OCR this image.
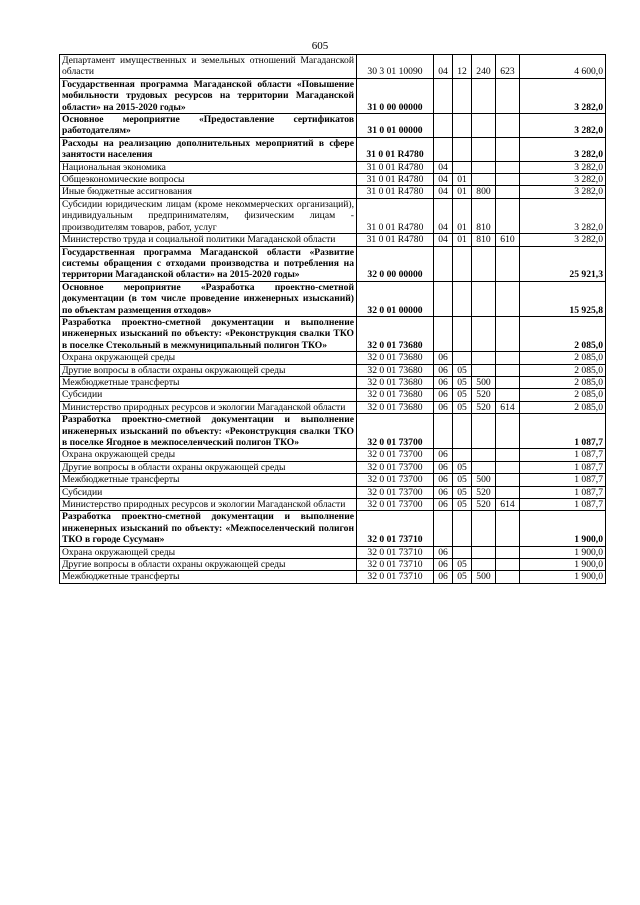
605
Департамент имущественных и земельных отношений Магаданской области	30 3 01 10090	04	12	240	623	4 600,0
Государственная программа Магаданской области «Повышение мобильности трудовых ресурсов на территории Магаданской области» на 2015-2020 годы»	31 0 00 00000					3 282,0
Основное мероприятие «Предоставление сертификатов работодателям»	31 0 01 00000					3 282,0
Расходы на реализацию дополнительных мероприятий в сфере занятости населения	31 0 01 R4780					3 282,0
Национальная экономика	31 0 01 R4780	04				3 282,0
Общеэкономические вопросы	31 0 01 R4780	04	01			3 282,0
Иные бюджетные ассигнования	31 0 01 R4780	04	01	800		3 282,0
Субсидии юридическим лицам (кроме некоммерческих организаций), индивидуальным предпринимателям, физическим лицам - производителям товаров, работ, услуг	31 0 01 R4780	04	01	810		3 282,0
Министерство труда и социальной политики Магаданской области	31 0 01 R4780	04	01	810	610	3 282,0
Государственная программа Магаданской области «Развитие системы обращения с отходами производства и потребления на территории Магаданской области» на 2015-2020 годы»	32 0 00 00000					25 921,3
Основное мероприятие «Разработка проектно-сметной документации (в том числе проведение инженерных изысканий) по объектам размещения отходов»	32 0 01 00000					15 925,8
Разработка проектно-сметной документации и выполнение инженерных изысканий по объекту: «Реконструкция свалки ТКО в поселке Стекольный в межмуниципальный полигон ТКО»	32 0 01 73680					2 085,0
Охрана окружающей среды	32 0 01 73680	06				2 085,0
Другие вопросы в области охраны окружающей среды	32 0 01 73680	06	05			2 085,0
Межбюджетные трансферты	32 0 01 73680	06	05	500		2 085,0
Субсидии	32 0 01 73680	06	05	520		2 085,0
Министерство природных ресурсов и экологии Магаданской области	32 0 01 73680	06	05	520	614	2 085,0
Разработка проектно-сметной документации и выполнение инженерных изысканий по объекту: «Реконструкция свалки ТКО в поселке Ягодное в межпоселенческий полигон ТКО»	32 0 01 73700					1 087,7
Охрана окружающей среды	32 0 01 73700	06				1 087,7
Другие вопросы в области охраны окружающей среды	32 0 01 73700	06	05			1 087,7
Межбюджетные трансферты	32 0 01 73700	06	05	500		1 087,7
Субсидии	32 0 01 73700	06	05	520		1 087,7
Министерство природных ресурсов и экологии Магаданской области	32 0 01 73700	06	05	520	614	1 087,7
Разработка проектно-сметной документации и выполнение инженерных изысканий по объекту: «Межпоселенческий полигон ТКО в городе Сусуман»	32 0 01 73710					1 900,0
Охрана окружающей среды	32 0 01 73710	06				1 900,0
Другие вопросы в области охраны окружающей среды	32 0 01 73710	06	05			1 900,0
Межбюджетные трансферты	32 0 01 73710	06	05	500		1 900,0
